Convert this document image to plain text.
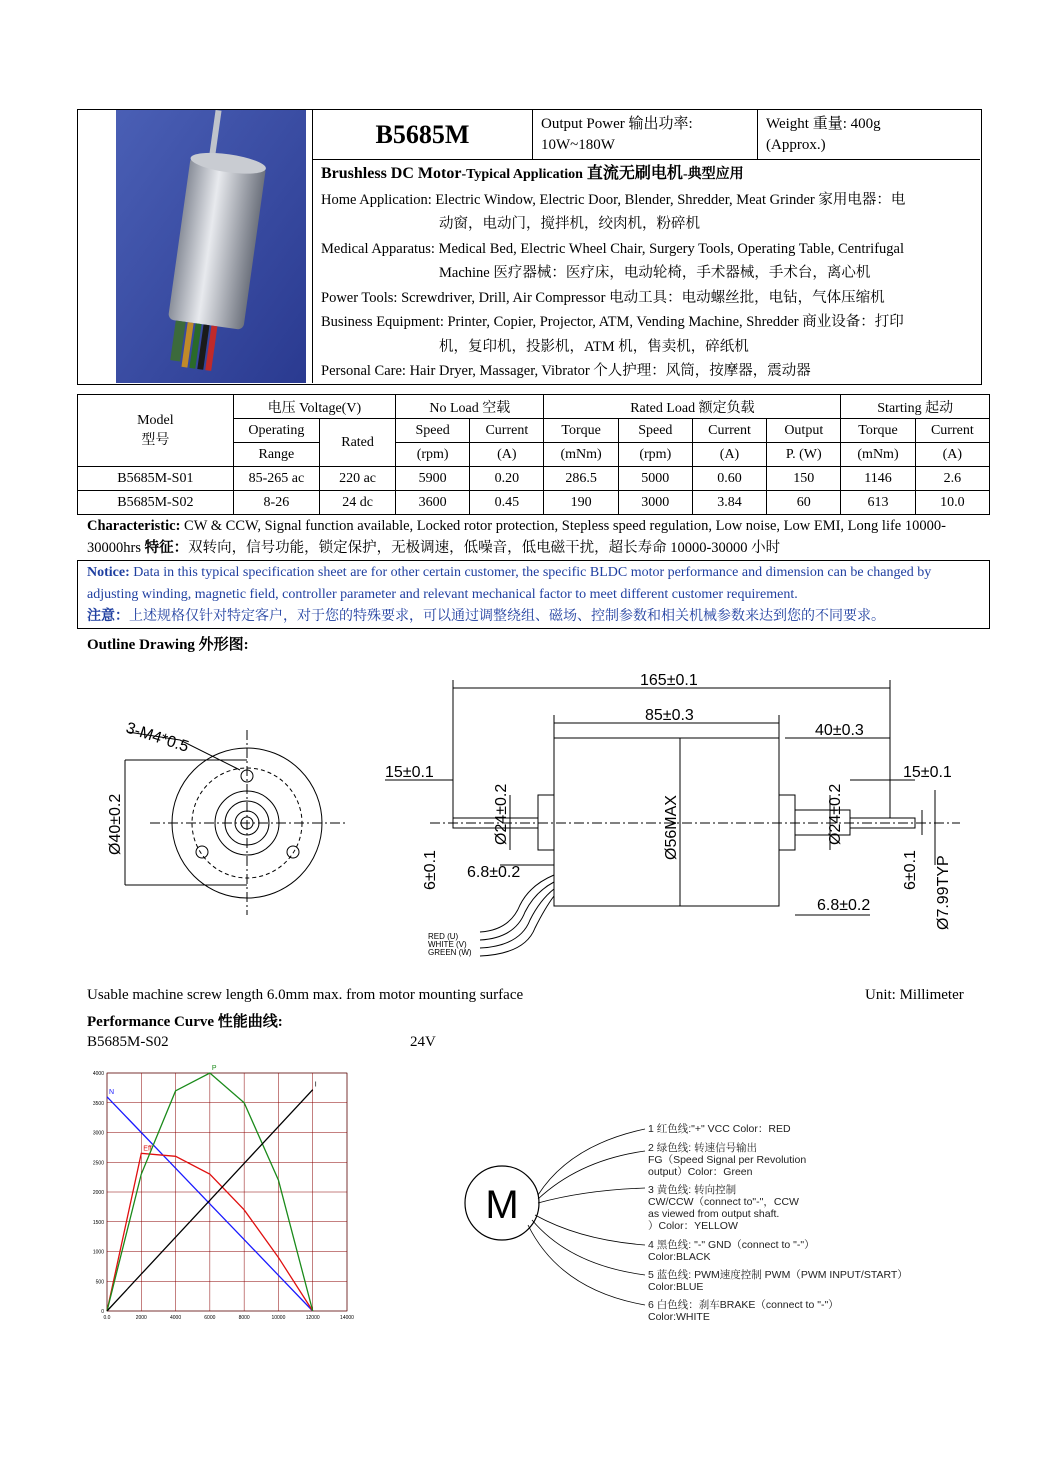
B5685M	Output Power 输出功率:
10W~180W
Weight 重量: 400g
(Approx.)
Brushless DC Motor-Typical Application 直流无刷电机-典型应用
Home Application: Electric Window, Electric Door, Blender, Shredder, Meat Grinder 家用电器：电
动窗，电动门，搅拌机，绞肉机，粉碎机
Medical Apparatus: Medical Bed, Electric Wheel Chair, Surgery Tools, Operating Table, Centrifugal
Machine 医疗器械：医疗床，电动轮椅，手术器械，手术台，离心机
Power Tools: Screwdriver, Drill, Air Compressor 电动工具：电动螺丝批，电钻，气体压缩机
Business Equipment: Printer, Copier, Projector, ATM, Vending Machine, Shredder 商业设备：打印
机，复印机，投影机，ATM 机，售卖机，碎纸机
Personal Care: Hair Dryer, Massager, Vibrator 个人护理：风筒，按摩器，震动器
Model
型号	电压 Voltage(V)		No Load 空载		Rated Load 额定负载				Starting 起动	
	Operating	Rated	Speed	Current	Torque	Speed	Current	Output	Torque	Current
	Range		(rpm)	(A)	(mNm)	(rpm)	(A)	P. (W)	(mNm)	(A)
B5685M-S01	85-265 ac	220 ac	5900	0.20	286.5	5000	0.60	150	1146	2.6
B5685M-S02	8-26	24 dc	3600	0.45	190	3000	3.84	60	613	10.0
Characteristic: CW & CCW, Signal function available, Locked rotor protection, Stepless speed regulation, Low noise, Low EMI, Long life 10000-30000hrs 特征：双转向，信号功能，锁定保护，无极调速，低噪音，低电磁干扰，超长寿命 10000-30000 小时
Notice: Data in this typical specification sheet are for other certain customer, the specific BLDC motor performance and dimension can be changed by adjusting winding, magnetic field, controller parameter and relevant mechanical factor to meet different customer requirement.
注意：上述规格仅针对特定客户，对于您的特殊要求，可以通过调整绕组、磁场、控制参数和相关机械参数来达到您的不同要求。
Outline Drawing 外形图:
3-M4*0.5
Ø40±0.2
165±0.1
85±0.3
40±0.3
15±0.1	15±0.1
Ø24±0.2	Ø24±0.2
Ø56MAX
6±0.1	6±0.1
6.8±0.2
6.8±0.2	Ø7.99TYP
RED (U)
WHITE (V)
GREEN (W)
Usable machine screw length 6.0mm max. from motor mounting surface	Unit: Millimeter
Performance Curve 性能曲线:
B5685M-S02	24V
N
Eff
P
I
0.0	2000	4000	6000	8000	10000	12000	14000
0
500
1000
1500
2000
2500
3000
3500
4000
M
1 红色线:"+" VCC Color：RED
2 绿色线: 转速信号输出
FG（Speed Signal per Revolution
output）Color：Green
3 黄色线: 转向控制
CW/CCW（connect to"-"，CCW
as viewed from output shaft.
）Color：YELLOW
4 黑色线: "-" GND（connect to "-"）
Color:BLACK
5 蓝色线: PWM速度控制 PWM（PWM INPUT/START）
Color:BLUE
6 白色线：刹车BRAKE（connect to "-"）
Color:WHITE
